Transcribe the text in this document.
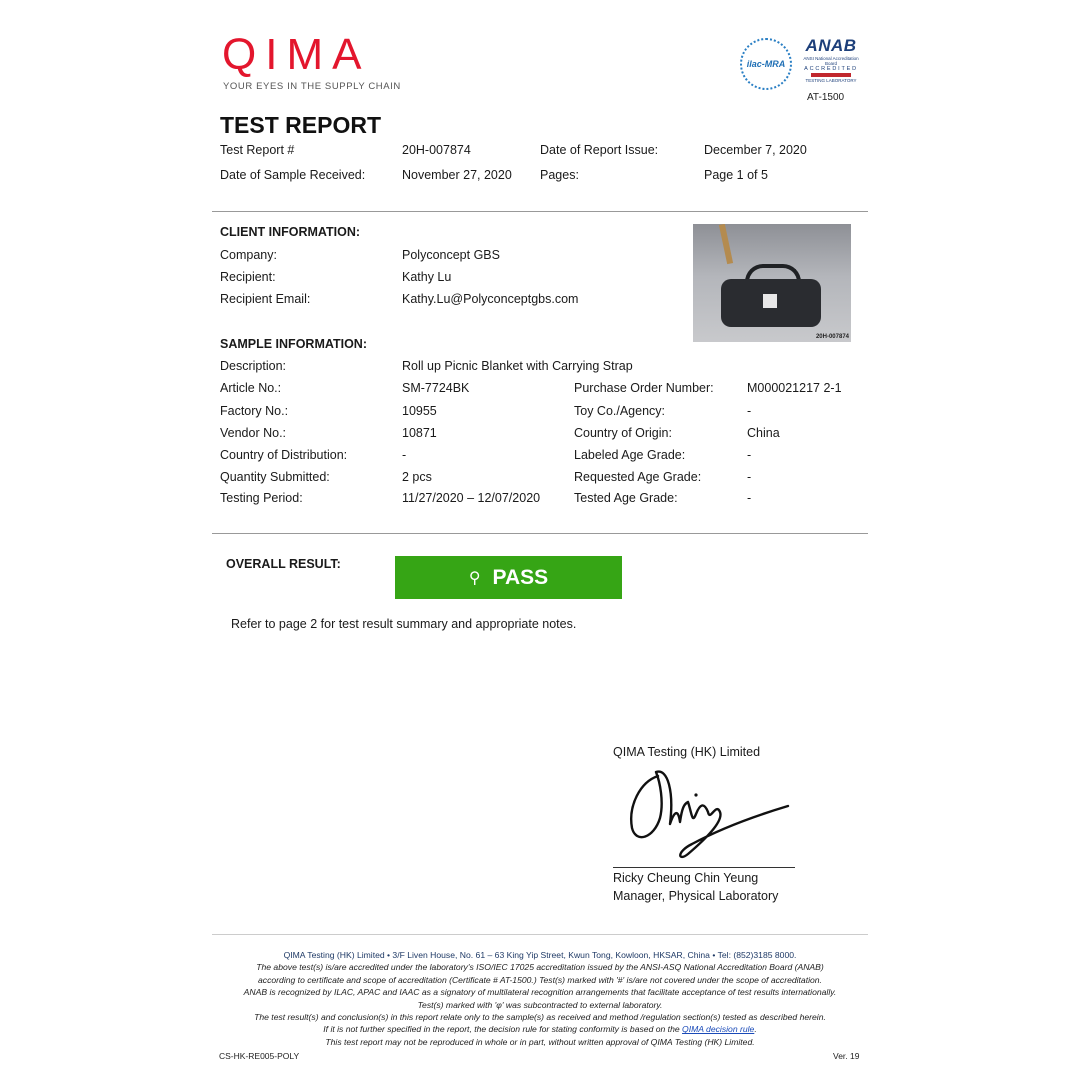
QIMA
YOUR EYES IN THE SUPPLY CHAIN
ilac-MRA
ANAB
ANSI National Accreditation Board
ACCREDITED
TESTING LABORATORY
AT-1500
TEST REPORT
Test Report #	20H-007874	Date of Report Issue:	December 7, 2020
Date of Sample Received:	November 27, 2020 Pages:	Page 1 of 5
CLIENT INFORMATION:
Company:	Polyconcept GBS
Recipient:	Kathy Lu
Recipient Email:	Kathy.Lu@Polyconceptgbs.com
20H-007874
SAMPLE INFORMATION:
Description:	Roll up Picnic Blanket with Carrying Strap
Article No.:	SM-7724BK	Purchase Order Number:	M000021217 2-1
Factory No.:	10955	Toy Co./Agency:	-
Vendor No.:	10871	Country of Origin:	China
Country of Distribution:	-	Labeled Age Grade:	-
Quantity Submitted:	2 pcs	Requested Age Grade:	-
Testing Period:	11/27/2020 – 12/07/2020	Tested Age Grade:	-
OVERALL RESULT:
⚲ PASS
Refer to page 2 for test result summary and appropriate notes.
QIMA Testing (HK) Limited
Ricky Cheung Chin Yeung
Manager, Physical Laboratory
QIMA Testing (HK) Limited • 3/F Liven House, No. 61 – 63 King Yip Street, Kwun Tong, Kowloon, HKSAR, China • Tel: (852)3185 8000.
The above test(s) is/are accredited under the laboratory's ISO/IEC 17025 accreditation issued by the ANSI-ASQ National Accreditation Board (ANAB)
according to certificate and scope of accreditation (Certificate # AT-1500.) Test(s) marked with '#' is/are not covered under the scope of accreditation.
ANAB is recognized by ILAC, APAC and IAAC as a signatory of multilateral recognition arrangements that facilitate acceptance of test results internationally.
Test(s) marked with 'φ' was subcontracted to external laboratory.
The test result(s) and conclusion(s) in this report relate only to the sample(s) as received and method /regulation section(s) tested as described herein.
If it is not further specified in the report, the decision rule for stating conformity is based on the QIMA decision rule.
This test report may not be reproduced in whole or in part, without written approval of QIMA Testing (HK) Limited.
CS-HK-RE005-POLY	Ver. 19
